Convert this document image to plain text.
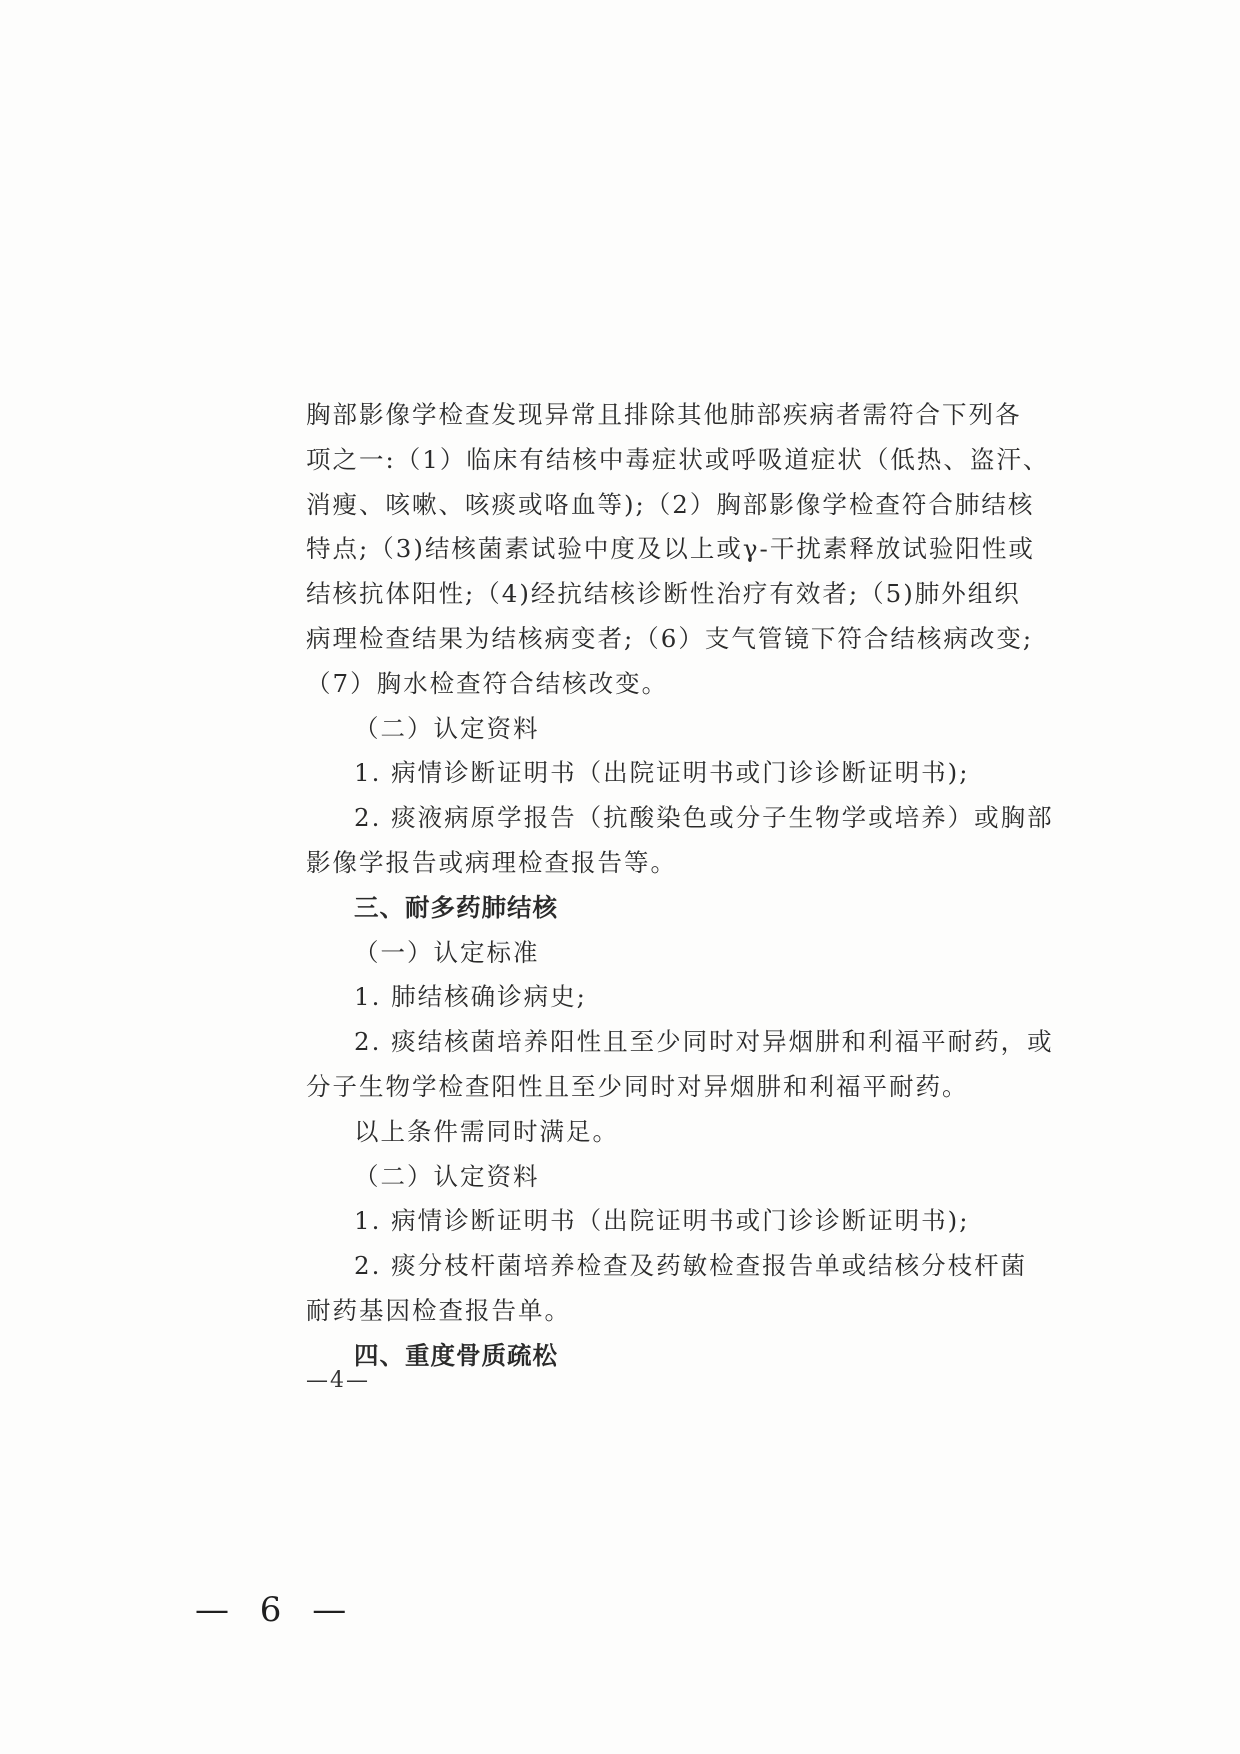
胸部影像学检查发现异常且排除其他肺部疾病者需符合下列各

项之一:（1）临床有结核中毒症状或呼吸道症状（低热、盗汗、

消瘦、咳嗽、咳痰或咯血等);（2）胸部影像学检查符合肺结核

特点;（3)结核菌素试验中度及以上或γ-干扰素释放试验阳性或

结核抗体阳性;（4)经抗结核诊断性治疗有效者;（5)肺外组织

病理检查结果为结核病变者;（6）支气管镜下符合结核病改变;

（7）胸水检查符合结核改变。

（二）认定资料

1. 病情诊断证明书（出院证明书或门诊诊断证明书);

2. 痰液病原学报告（抗酸染色或分子生物学或培养）或胸部

影像学报告或病理检查报告等。

三、耐多药肺结核

（一）认定标准

1. 肺结核确诊病史;

2. 痰结核菌培养阳性且至少同时对异烟肼和利福平耐药，或

分子生物学检查阳性且至少同时对异烟肼和利福平耐药。

以上条件需同时满足。

（二）认定资料

1. 病情诊断证明书（出院证明书或门诊诊断证明书);

2. 痰分枝杆菌培养检查及药敏检查报告单或结核分枝杆菌

耐药基因检查报告单。

四、重度骨质疏松

—4—
— 6 —
